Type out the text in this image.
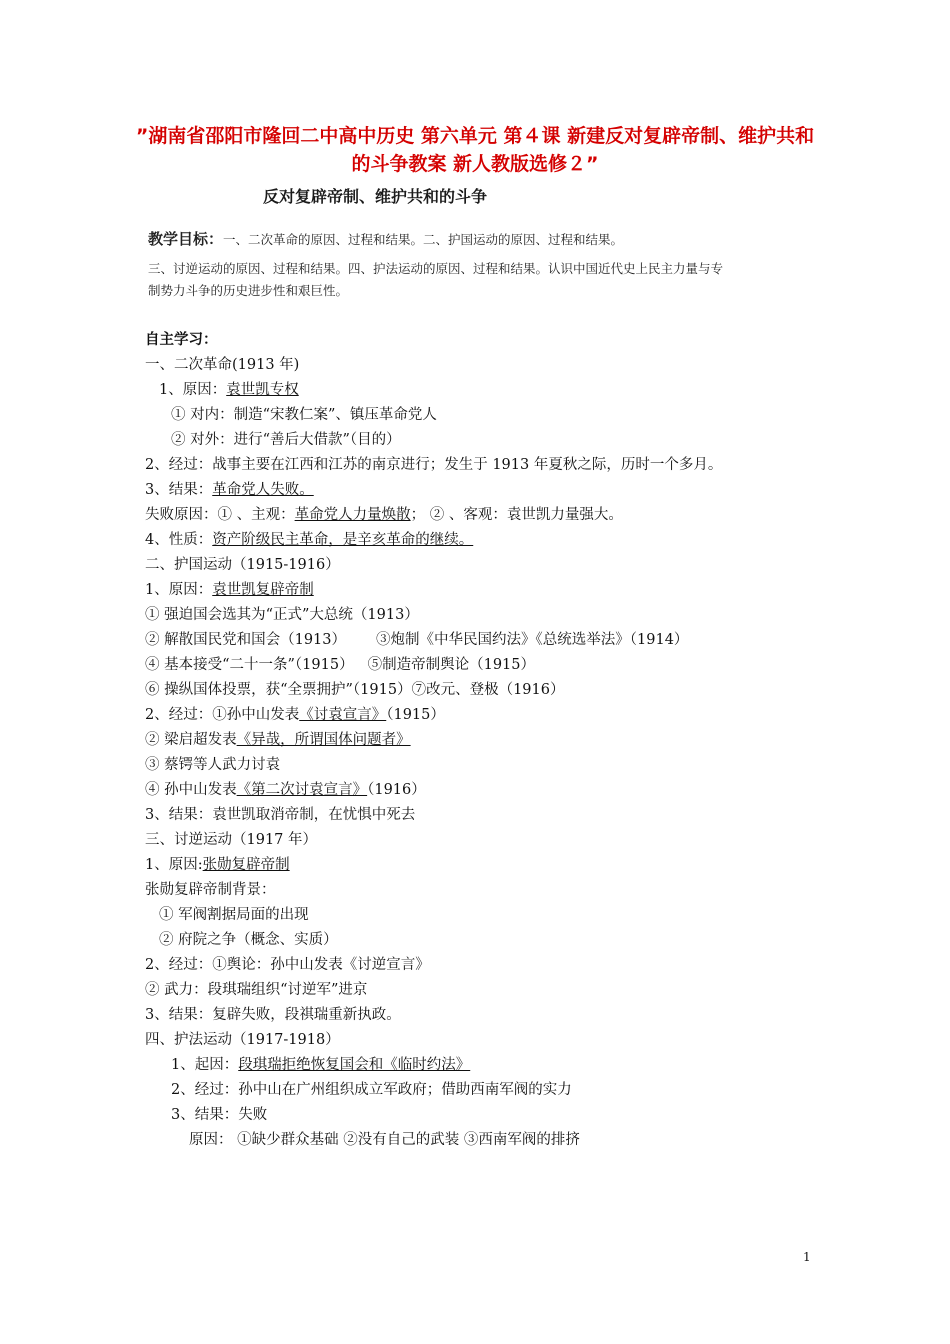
”湖南省邵阳市隆回二中高中历史 第六单元 第４课 新建反对复辟帝制、维护共和的斗争教案 新人教版选修２”
反对复辟帝制、维护共和的斗争
教学目标：一、二次革命的原因、过程和结果。二、护国运动的原因、过程和结果。
三、讨逆运动的原因、过程和结果。四、护法运动的原因、过程和结果。认识中国近代史上民主力量与专制势力斗争的历史进步性和艰巨性。
自主学习：
一、二次革命(1913 年)
1、原因：袁世凯专权
① 对内：制造“宋教仁案”、镇压革命党人
② 对外：进行“善后大借款”（目的）
2、经过：战事主要在江西和江苏的南京进行；发生于 1913 年夏秋之际，历时一个多月。
3、结果：革命党人失败。
失败原因：① 、主观：革命党人力量焕散； ② 、客观：袁世凯力量强大。
4、性质：资产阶级民主革命，是辛亥革命的继续。
二、护国运动（1915-1916）
1、原因：袁世凯复辟帝制
① 强迫国会选其为“正式”大总统（1913）
② 解散国民党和国会（1913） ③炮制《中华民国约法》《总统选举法》（1914）
④ 基本接受“二十一条”（1915） ⑤制造帝制舆论（1915）
⑥ 操纵国体投票，获“全票拥护”（1915）⑦改元、登极（1916）
2、经过：①孙中山发表《讨袁宣言》（1915）
② 梁启超发表《异哉，所谓国体问题者》
③ 蔡锷等人武力讨袁
④ 孙中山发表《第二次讨袁宣言》（1916）
3、结果：袁世凯取消帝制，在忧惧中死去
三、讨逆运动（1917 年）
1、原因:张勋复辟帝制
张勋复辟帝制背景：
① 军阀割据局面的出现
② 府院之争（概念、实质）
2、经过：①舆论：孙中山发表《讨逆宣言》
② 武力：段琪瑞组织“讨逆军”进京
3、结果：复辟失败，段祺瑞重新执政。
四、护法运动（1917-1918）
1、起因：段琪瑞拒绝恢复国会和《临时约法》
2、经过：孙中山在广州组织成立军政府；借助西南军阀的实力
3、结果：失败
原因： ①缺少群众基础 ②没有自己的武装 ③西南军阀的排挤
1
